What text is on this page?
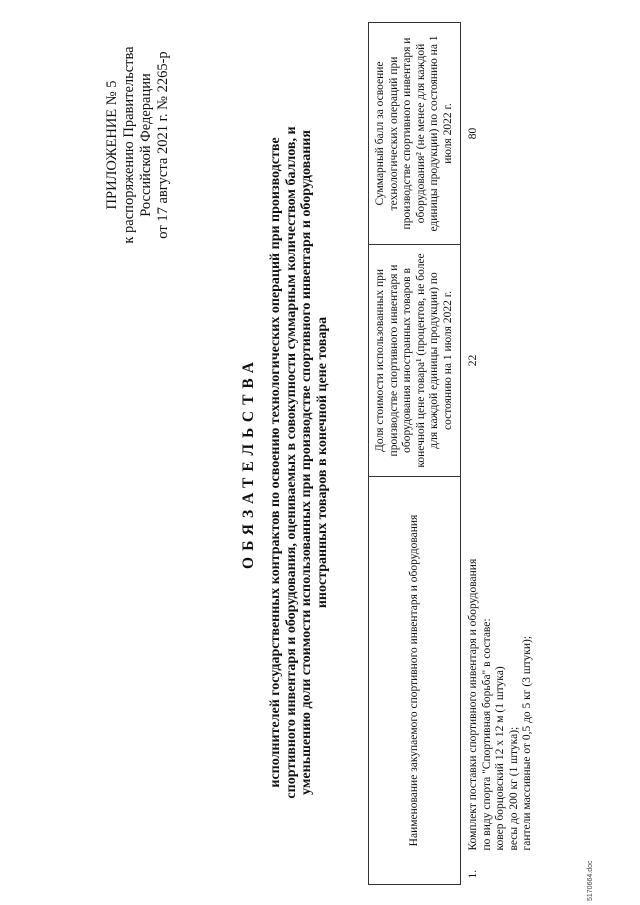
ПРИЛОЖЕНИЕ № 5 к распоряжению Правительства Российской Федерации от 17 августа 2021 г. № 2265-р
ОБЯЗАТЕЛЬСТВА исполнителей государственных контрактов по освоению технологических операций при производстве спортивного инвентаря и оборудования, оцениваемых в совокупности суммарным количеством баллов, и уменьшению доли стоимости использованных при производстве спортивного инвентаря и оборудования иностранных товаров в конечной цене товара
Наименование закупаемого спортивного инвентаря и оборудования		Доля стоимости использованных при производстве спортивного инвентаря и оборудования иностранных товаров в конечной цене товара¹ (процентов, не более для каждой единицы продукции) по состоянию на 1 июля 2022 г.	Суммарный балл за освоение технологических операций при производстве спортивного инвентаря и оборудования² (не менее для каждой единицы продукции) по состоянию на 1 июля 2022 г.
1.	Комплект поставки спортивного инвентаря и оборудования по виду спорта "Спортивная борьба" в составе: ковер борцовский 12 x 12 м (1 штука) весы до 200 кг (1 штука); гантели массивные от 0,5 до 5 кг (3 штуки);	22	80
5170664.doc
